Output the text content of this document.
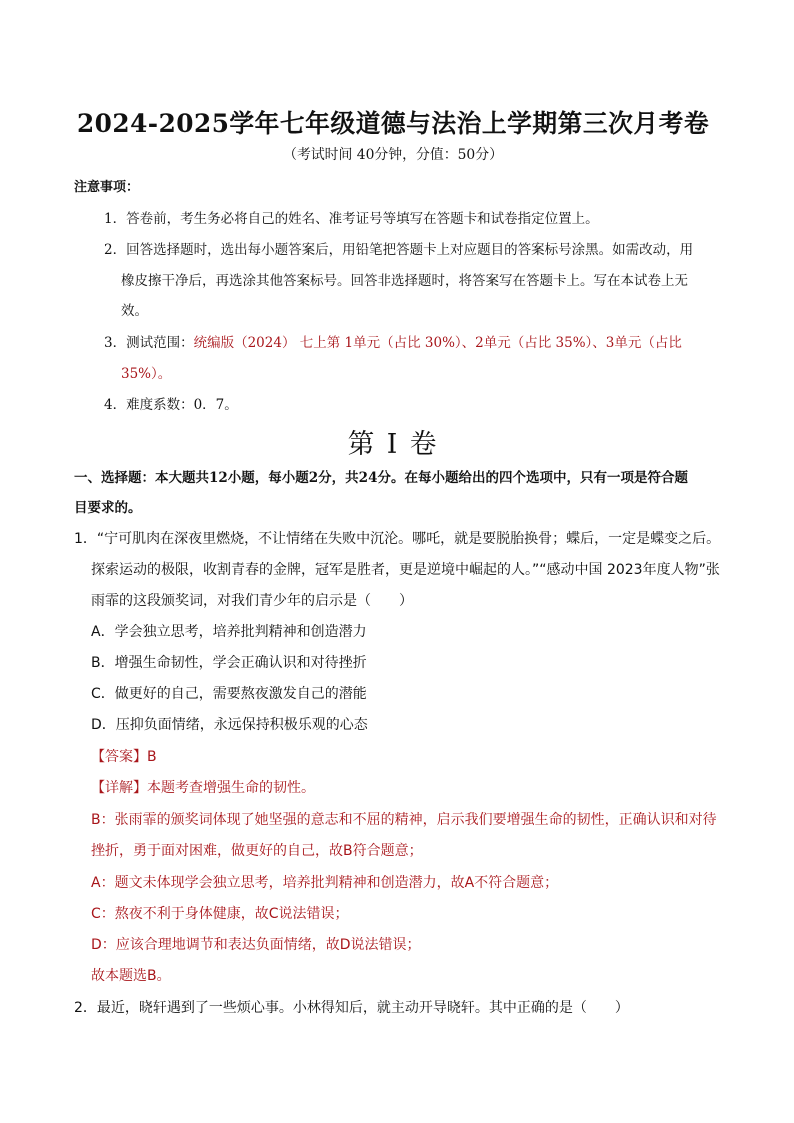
2024-2025学年七年级道德与法治上学期第三次月考卷
（考试时间 40分钟，分值：50分）
注意事项：
1．答卷前，考生务必将自己的姓名、准考证号等填写在答题卡和试卷指定位置上。
2．回答选择题时，选出每小题答案后，用铅笔把答题卡上对应题目的答案标号涂黑。如需改动，用
橡皮擦干净后，再选涂其他答案标号。回答非选择题时，将答案写在答题卡上。写在本试卷上无
效。
3．测试范围：统编版（2024） 七上第 1单元（占比 30%）、2单元（占比 35%）、3单元（占比
35%）。
4．难度系数：0．7。
第 I 卷
一、选择题：本大题共12小题，每小题2分，共24分。在每小题给出的四个选项中，只有一项是符合题
目要求的。
1．“宁可肌肉在深夜里燃烧，不让情绪在失败中沉沦。哪吒，就是要脱胎换骨；蝶后，一定是蝶变之后。
探索运动的极限，收割青春的金牌，冠军是胜者，更是逆境中崛起的人。”“感动中国 2023年度人物”张
雨霏的这段颁奖词，对我们青少年的启示是（　　）
A．学会独立思考，培养批判精神和创造潜力
B．增强生命韧性，学会正确认识和对待挫折
C．做更好的自己，需要熬夜激发自己的潜能
D．压抑负面情绪，永远保持积极乐观的心态
【答案】B
【详解】本题考查增强生命的韧性。
B：张雨霏的颁奖词体现了她坚强的意志和不屈的精神，启示我们要增强生命的韧性，正确认识和对待
挫折，勇于面对困难，做更好的自己，故B符合题意；
A：题文未体现学会独立思考，培养批判精神和创造潜力，故A不符合题意；
C：熬夜不利于身体健康，故C说法错误；
D：应该合理地调节和表达负面情绪，故D说法错误；
故本题选B。
2．最近，晓轩遇到了一些烦心事。小林得知后，就主动开导晓轩。其中正确的是（　　）
